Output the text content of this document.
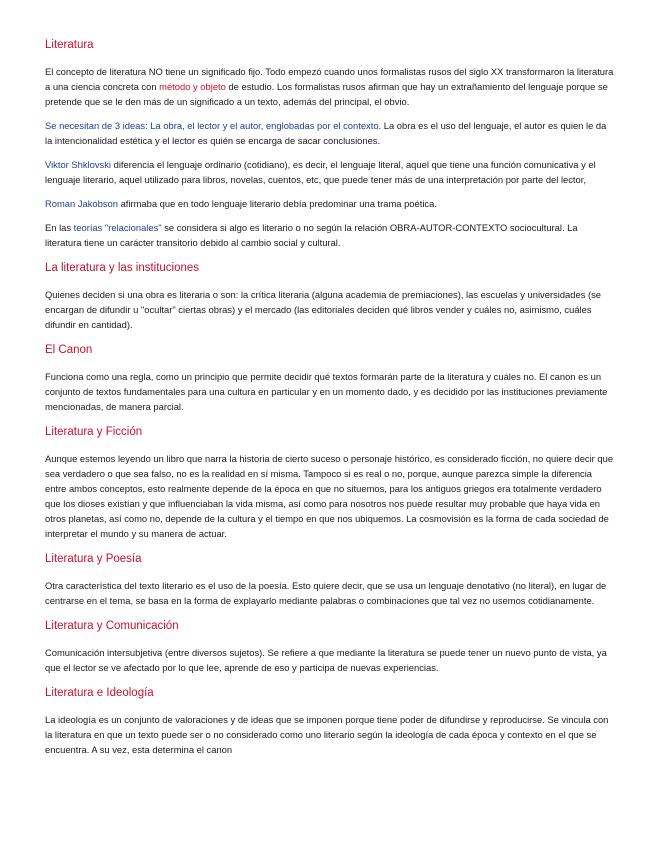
Literatura

El concepto de literatura NO tiene un significado fijo. Todo empezó cuando unos formalistas rusos del siglo XX transformaron la literatura a una ciencia concreta con método y objeto de estudio. Los formalistas rusos afirman que hay un extrañamiento del lenguaje porque se pretende que se le den más de un significado a un texto, además del principal, el obvio.

Se necesitan de 3 ideas: La obra, el lector y el autor, englobadas por el contexto. La obra es el uso del lenguaje, el autor es quien le da la intencionalidad estética y el lector es quién se encarga de sacar conclusiones.

Viktor Shklovski diferencia el lenguaje ordinario (cotidiano), es decir, el lenguaje literal, aquel que tiene una función comunicativa y el lenguaje literario, aquel utilizado para libros, novelas, cuentos, etc, que puede tener más de una interpretación por parte del lector,

Roman Jakobson afirmaba que en todo lenguaje literario debía predominar una trama poética.

En las teorías "relacionales" se considera si algo es literario o no según la relación OBRA-AUTOR-CONTEXTO sociocultural. La literatura tiene un carácter transitorio debido al cambio social y cultural.

La literatura y las instituciones

Quienes deciden si una obra es literaria o son: la crítica literaria (alguna academia de premiaciones), las escuelas y universidades (se encargan de difundir u "ocultar" ciertas obras) y el mercado (las editoriales deciden qué libros vender y cuáles no, asimismo, cuáles difundir en cantidad).

El Canon

Funciona como una regla, como un principio que permite decidir qué textos formarán parte de la literatura y cuáles no. El canon es un conjunto de textos fundamentales para una cultura en particular y en un momento dado, y es decidido por las instituciones previamente mencionadas, de manera parcial.

Literatura y Ficción

Aunque estemos leyendo un libro que narra la historia de cierto suceso o personaje histórico, es considerado ficción, no quiere decir que sea verdadero o que sea falso, no es la realidad en sí misma. Tampoco si es real o no, porque, aunque parezca simple la diferencia entre ambos conceptos, esto realmente depende de la época en que no situemos, para los antiguos griegos era totalmente verdadero que los dioses existían y que influenciaban la vida misma, así como para nosotros nos puede resultar muy probable que haya vida en otros planetas, así como no, depende de la cultura y el tiempo en que nos ubiquemos. La cosmovisión es la forma de cada sociedad de interpretar el mundo y su manera de actuar.

Literatura y Poesía

Otra característica del texto literario es el uso de la poesía. Esto quiere decir, que se usa un lenguaje denotativo (no literal), en lugar de centrarse en el tema, se basa en la forma de explayarlo mediante palabras o combinaciones que tal vez no usemos cotidianamente.

Literatura y Comunicación

Comunicación intersubjetiva (entre diversos sujetos). Se refiere a que mediante la literatura se puede tener un nuevo punto de vista, ya que el lector se ve afectado por lo que lee, aprende de eso y participa de nuevas experiencias.

Literatura e Ideología

La ideología es un conjunto de valoraciones y de ideas que se imponen porque tiene poder de difundirse y reproducirse. Se vincula con la literatura en que un texto puede ser o no considerado como uno literario según la ideología de cada época y contexto en el que se encuentra. A su vez, esta determina el canon
